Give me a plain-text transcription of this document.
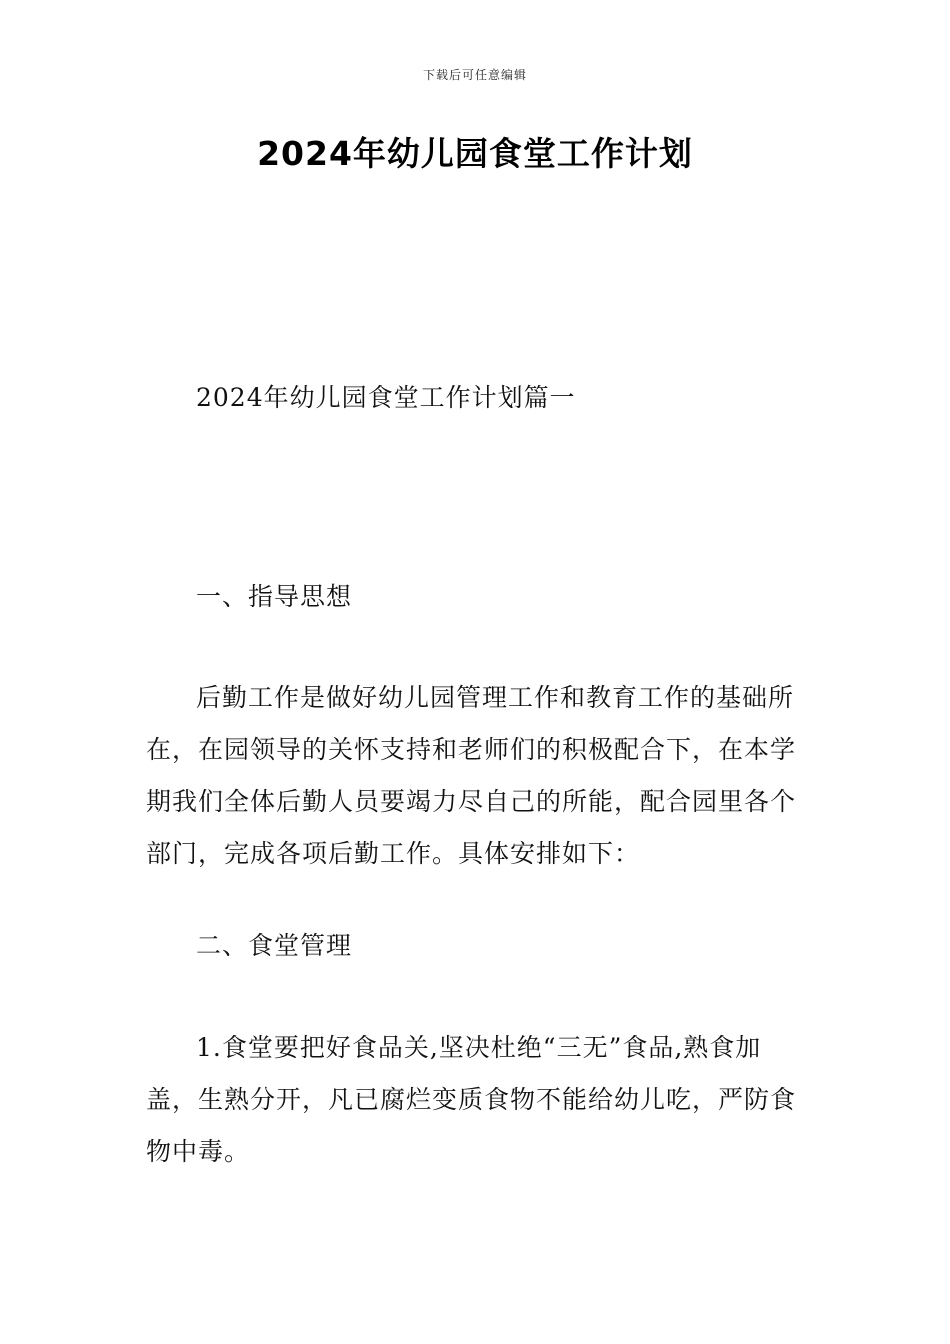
下载后可任意编辑
2024年幼儿园食堂工作计划
2024年幼儿园食堂工作计划篇一
一、指导思想
后勤工作是做好幼儿园管理工作和教育工作的基础所
在，在园领导的关怀支持和老师们的积极配合下，在本学
期我们全体后勤人员要竭力尽自己的所能，配合园里各个
部门，完成各项后勤工作。具体安排如下：
二、食堂管理
1.食堂要把好食品关,坚决杜绝“三无”食品,熟食加
盖，生熟分开，凡已腐烂变质食物不能给幼儿吃，严防食
物中毒。
